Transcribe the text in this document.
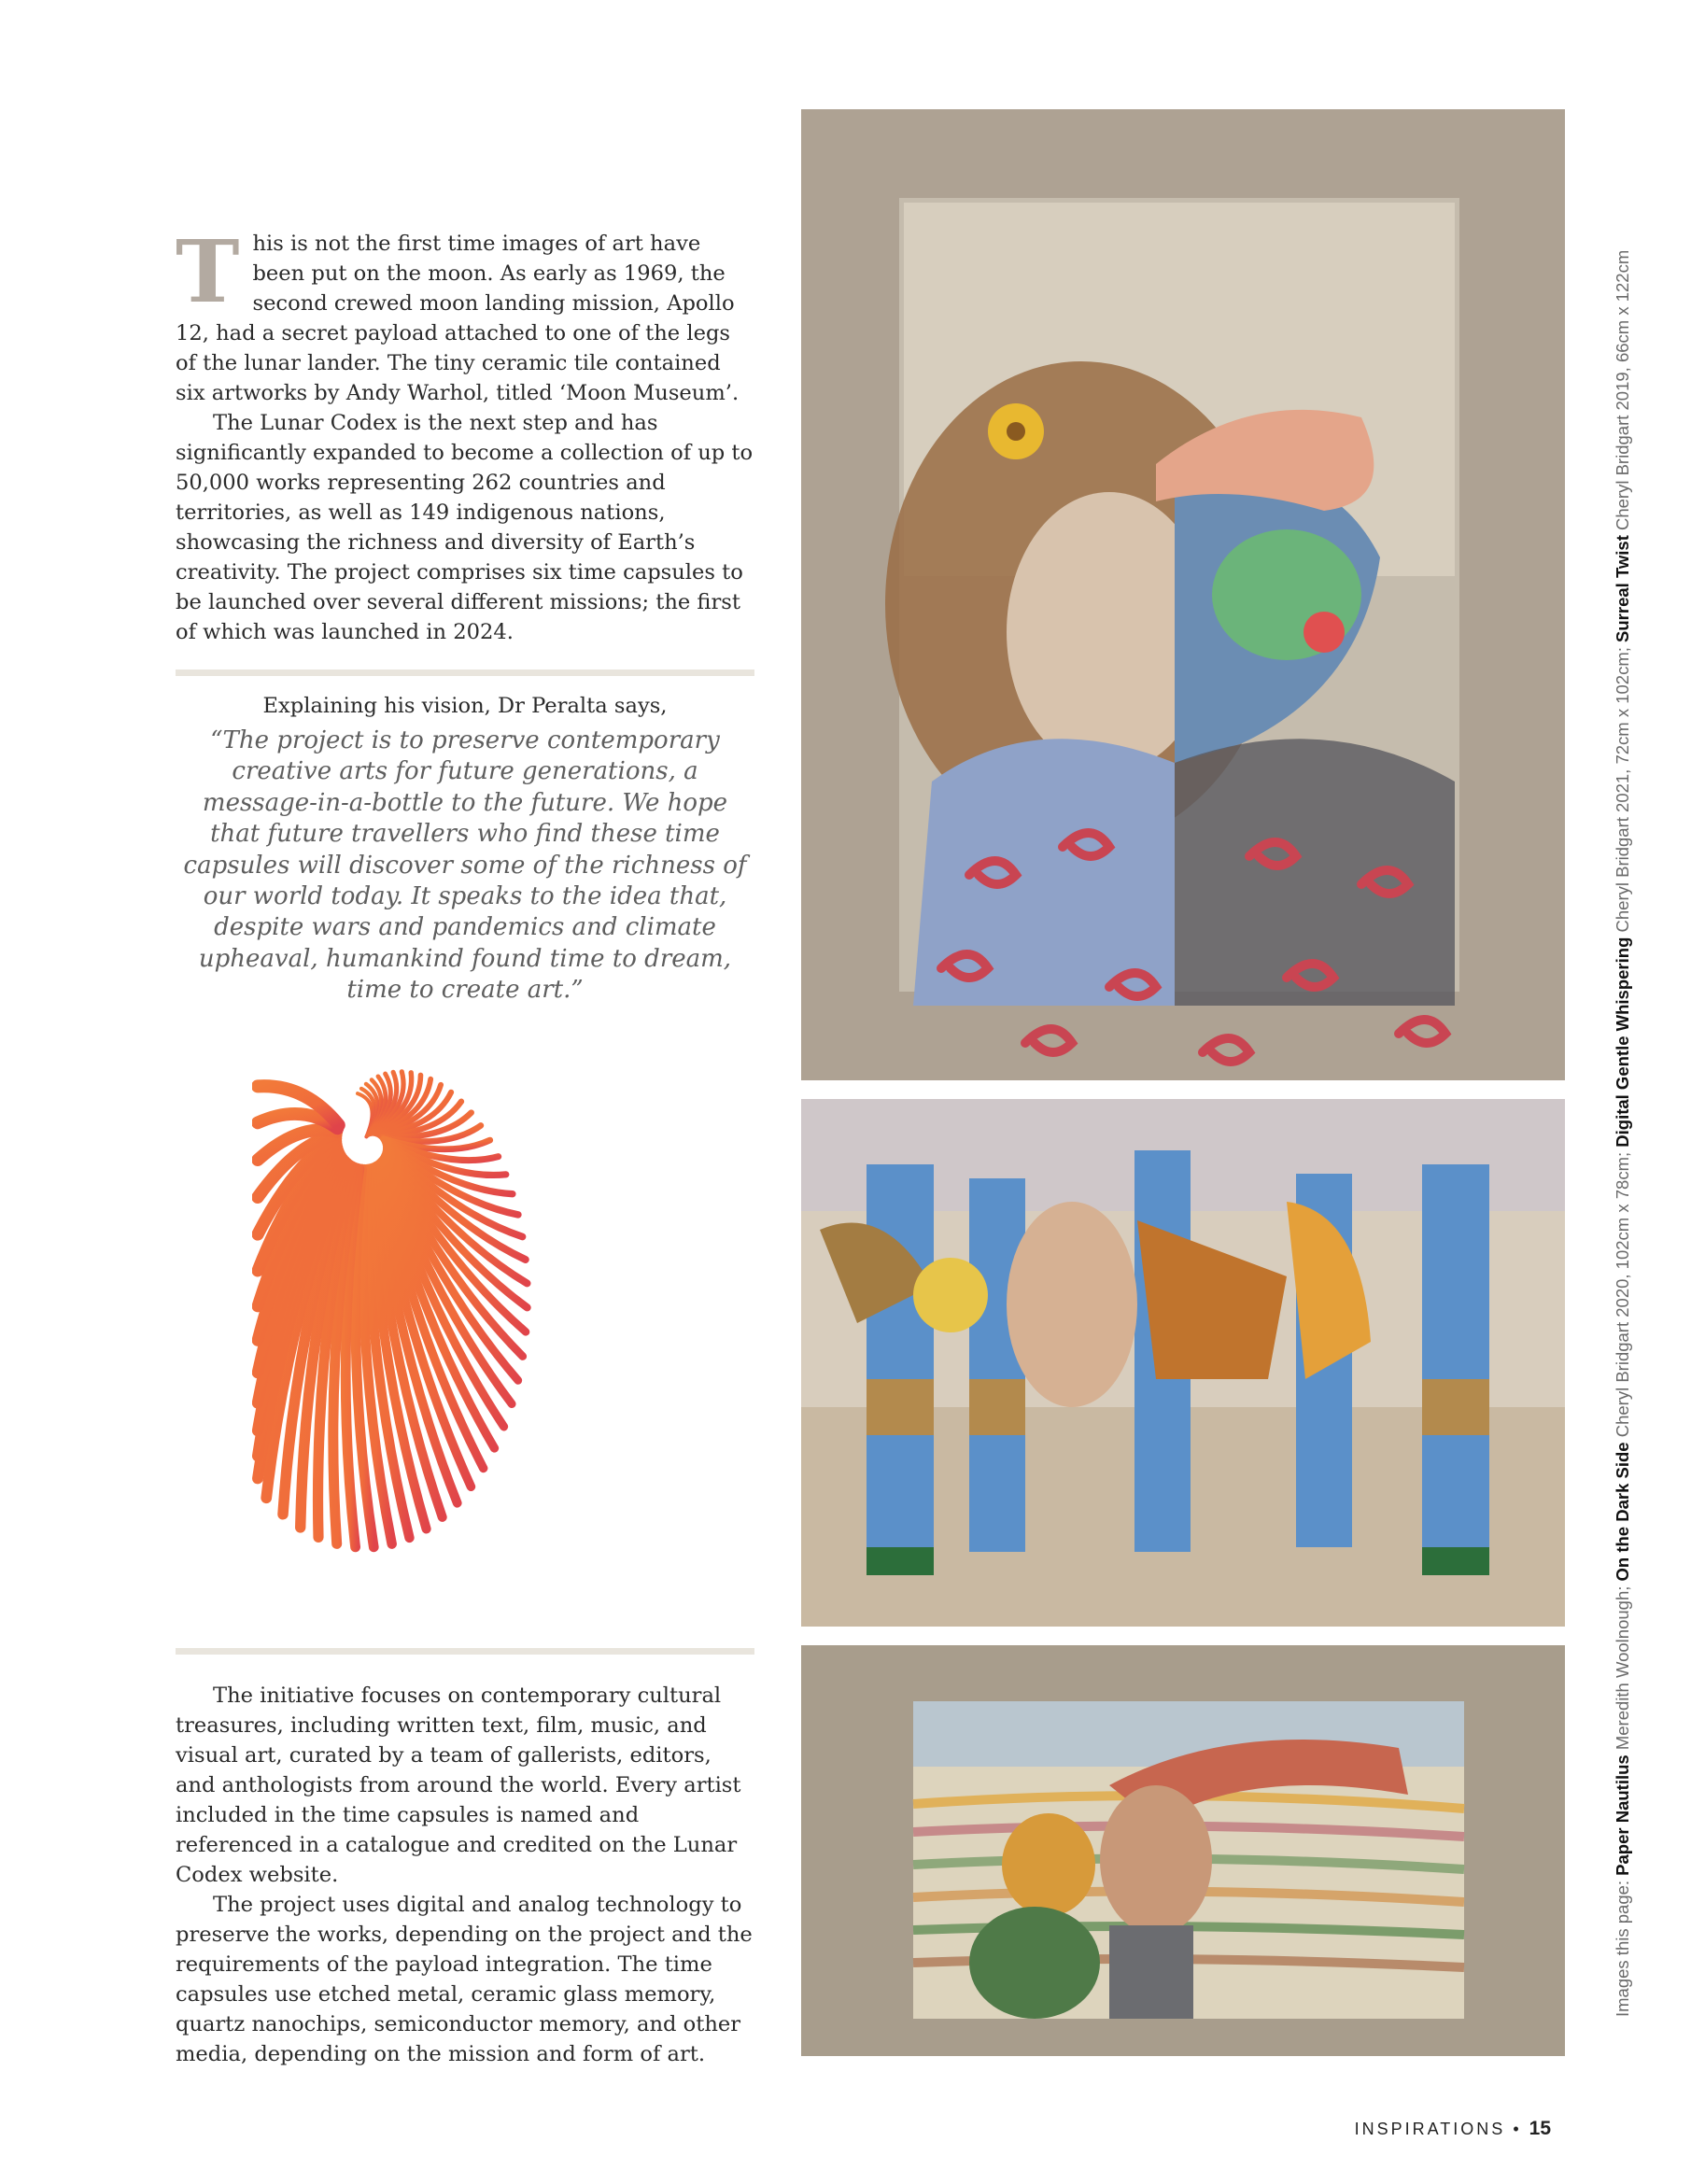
This is not the first time images of art have been put on the moon. As early as 1969, the second crewed moon landing mission, Apollo 12, had a secret payload attached to one of the legs of the lunar lander. The tiny ceramic tile contained six artworks by Andy Warhol, titled ‘Moon Museum’.

The Lunar Codex is the next step and has significantly expanded to become a collection of up to 50,000 works representing 262 countries and territories, as well as 149 indigenous nations, showcasing the richness and diversity of Earth’s creativity. The project comprises six time capsules to be launched over several different missions; the first of which was launched in 2024.

Explaining his vision, Dr Peralta says,
“The project is to preserve contemporary creative arts for future generations, a message-in-a-bottle to the future. We hope that future travellers who find these time capsules will discover some of the richness of our world today. It speaks to the idea that, despite wars and pandemics and climate upheaval, humankind found time to dream, time to create art.”

The initiative focuses on contemporary cultural treasures, including written text, film, music, and visual art, curated by a team of gallerists, editors, and anthologists from around the world. Every artist included in the time capsules is named and referenced in a catalogue and credited on the Lunar Codex website.

The project uses digital and analog technology to preserve the works, depending on the project and the requirements of the payload integration. The time capsules use etched metal, ceramic glass memory, quartz nanochips, semiconductor memory, and other media, depending on the mission and form of art.

Images this page: Paper Nautilus Meredith Woolnough; On the Dark Side Cheryl Bridgart 2020, 102cm x 78cm; Digital Gentle Whispering Cheryl Bridgart 2021, 72cm x 102cm; Surreal Twist Cheryl Bridgart 2019, 66cm x 122cm
INSPIRATIONS • 15
